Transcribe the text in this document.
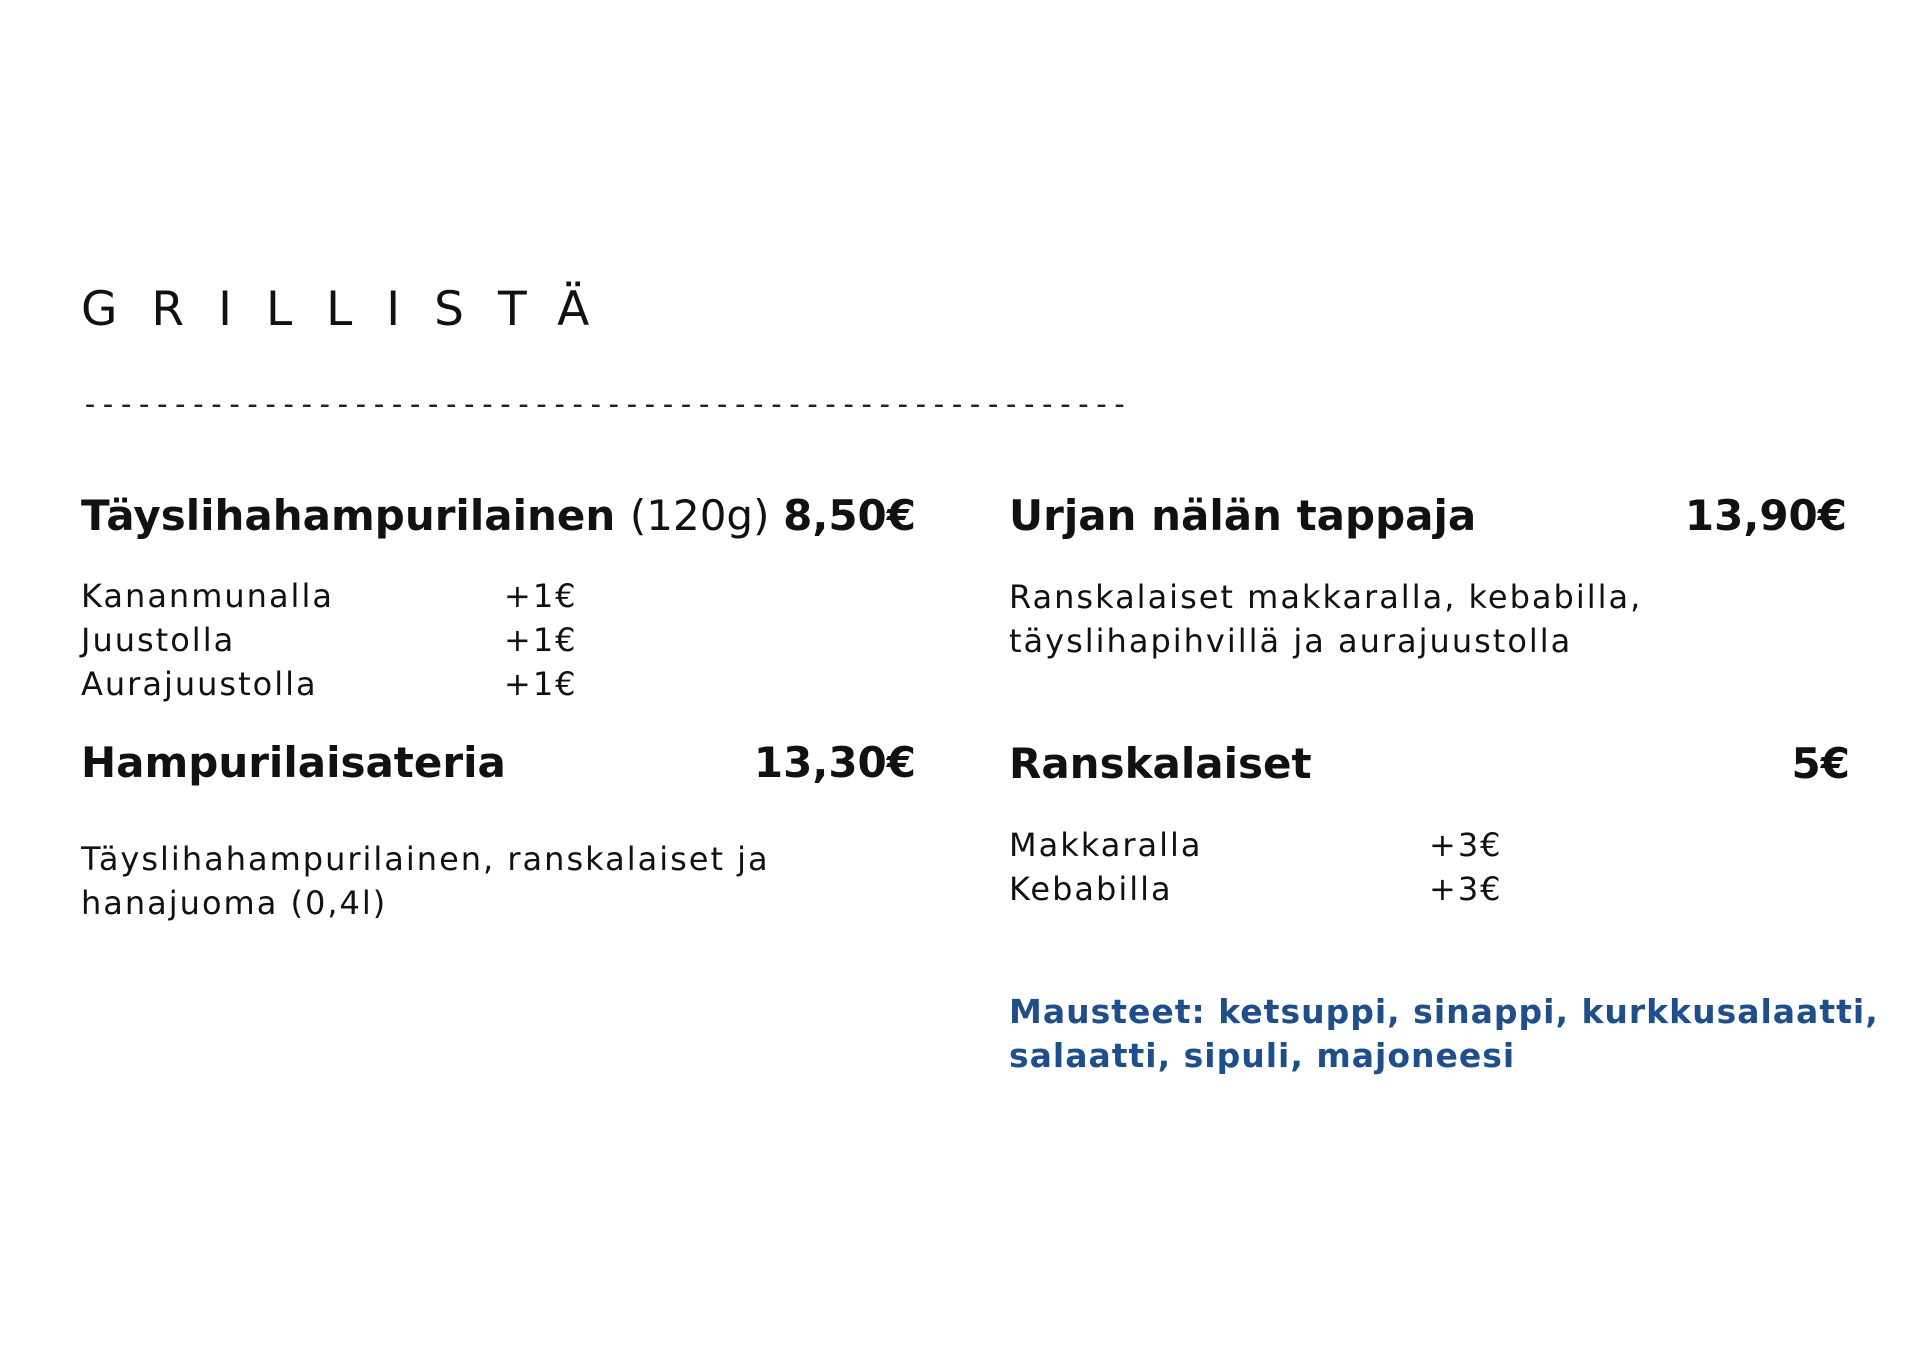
GRILLISTÄ
----------------------------------------------------------
Täyslihahampurilainen (120g) 8,50€
Kananmunalla	+1€
Juustolla	+1€
Aurajuustolla	+1€
Hampurilaisateria	13,30€

Täyslihahampurilainen, ranskalaiset ja
hanajuoma (0,4l)

Urjan nälän tappaja	13,90€

Ranskalaiset makkaralla, kebabilla,
täyslihapihvillä ja aurajuustolla

Ranskalaiset	5€
Makkaralla	+3€
Kebabilla	+3€

Mausteet: ketsuppi, sinappi, kurkkusalaatti,
salaatti, sipuli, majoneesi
